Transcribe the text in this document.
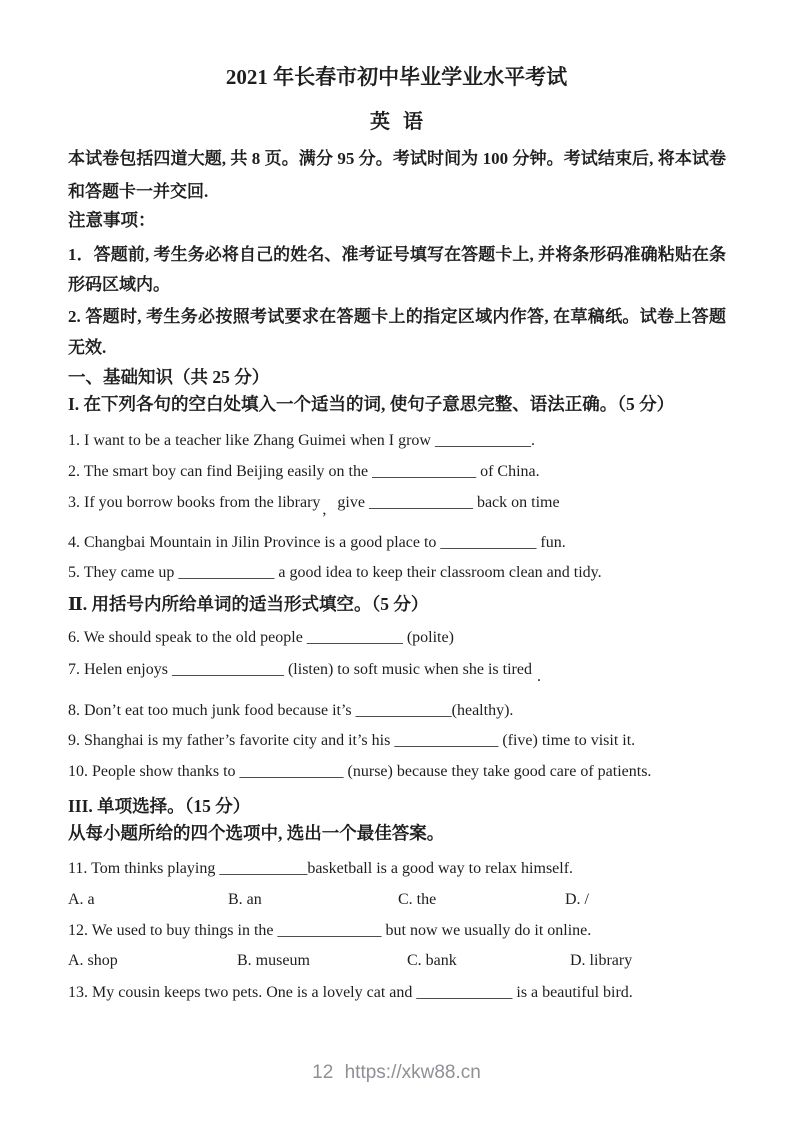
2021 年长春市初中毕业学业水平考试
英 语
本试卷包括四道大题, 共 8 页。满分 95 分。考试时间为 100 分钟。考试结束后, 将本试卷和答题卡一并交回.
注意事项：
1．答题前, 考生务必将自己的姓名、准考证号填写在答题卡上, 并将条形码准确粘贴在条形码区域内。
2. 答题时, 考生务必按照考试要求在答题卡上的指定区域内作答, 在草稿纸。试卷上答题无效.
一、基础知识（共 25 分）
I. 在下列各句的空白处填入一个适当的词, 使句子意思完整、语法正确。（5 分）
1. I want to be a teacher like Zhang Guimei when I grow ____________.
2. The smart boy can find Beijing easily on the _____________ of China.
3. If you borrow books from the library , give _____________ back on time
4. Changbai Mountain in Jilin Province is a good place to ____________ fun.
5. They came up ____________ a good idea to keep their classroom clean and tidy.
Ⅱ. 用括号内所给单词的适当形式填空。（5 分）
6. We should speak to the old people ____________ (polite)
7. Helen enjoys ______________ (listen) to soft music when she is tired .
8. Don’t eat too much junk food because it’s ____________(healthy).
9. Shanghai is my father’s favorite city and it’s his _____________ (five) time to visit it.
10. People show thanks to _____________ (nurse) because they take good care of patients.
III. 单项选择。（15 分）
从每小题所给的四个选项中, 选出一个最佳答案。
11. Tom thinks playing ___________basketball is a good way to relax himself.
A. a	B. an	C. the	D. /
12. We used to buy things in the _____________ but now we usually do it online.
A. shop	B. museum	C. bank	D. library
13. My cousin keeps two pets. One is a lovely cat and ____________ is a beautiful bird.
12 https://xkw88.cn
